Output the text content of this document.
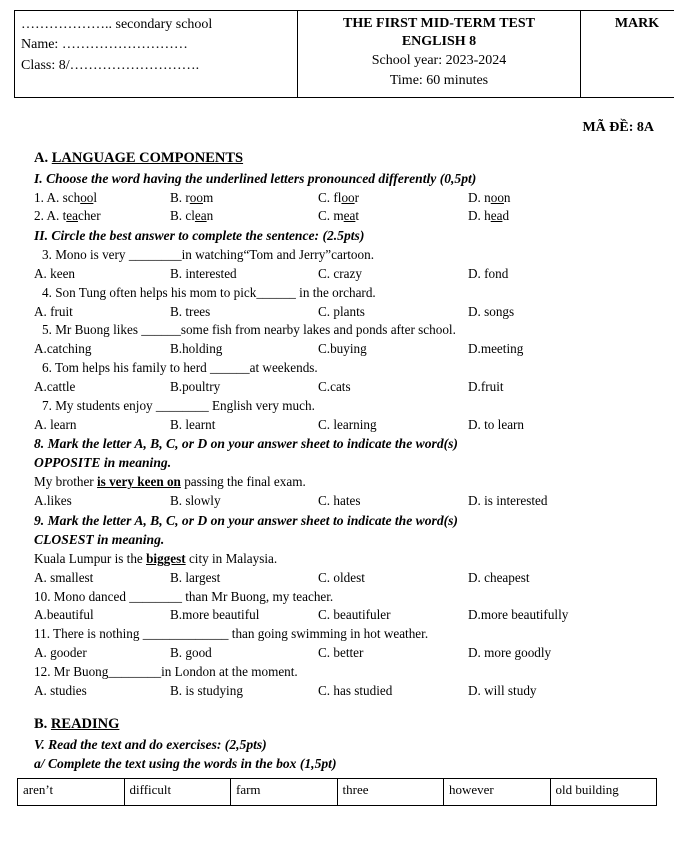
……………….. secondary school
Name: ………………………
Class: 8/……………………….

THE FIRST MID-TERM TEST
ENGLISH 8
School year: 2023-2024
Time: 60 minutes

MARK
MÃ ĐỀ: 8A
A. LANGUAGE COMPONENTS
I. Choose the word having the underlined letters pronounced differently (0,5pt)
1. A. school	B. room	C. floor	D. noon
2. A. teacher	B. clean	C. meat	D. head
II. Circle the best answer to complete the sentence: (2.5pts)
3. Mono is very ________in watching“Tom and Jerry”cartoon.
A. keen	B. interested	C. crazy	D. fond
4. Son Tung often helps his mom to pick______ in the orchard.
A. fruit	B. trees	C. plants	D. songs
5. Mr Buong likes ______some fish from nearby lakes and ponds after school.
A.catching	B.holding	C.buying	D.meeting
6. Tom helps his family to herd ______at weekends.
A.cattle	B.poultry	C.cats	D.fruit
7. My students enjoy ________ English very much.
A. learn	B. learnt	C. learning	D. to learn
8. Mark the letter A, B, C, or D on your answer sheet to indicate the word(s)
OPPOSITE in meaning.
My brother is very keen on passing the final exam.
A.likes	B. slowly	C. hates	D. is interested
9. Mark the letter A, B, C, or D on your answer sheet to indicate the word(s)
CLOSEST in meaning.
Kuala Lumpur is the biggest city in Malaysia.
A. smallest	B. largest	C. oldest	D. cheapest
10. Mono danced ________ than Mr Buong, my teacher.
A.beautiful	B.more beautiful	C. beautifuler	D.more beautifully
11. There is nothing _____________ than going swimming in hot weather.
A. gooder	B. good	C. better	D. more goodly
12. Mr Buong________in London at the moment.
A. studies	B. is studying	C. has studied	D. will study
B. READING
V. Read the text and do exercises: (2,5pts)
a/ Complete the text using the words in the box (1,5pt)
aren’t	difficult	farm	three	however	old building
